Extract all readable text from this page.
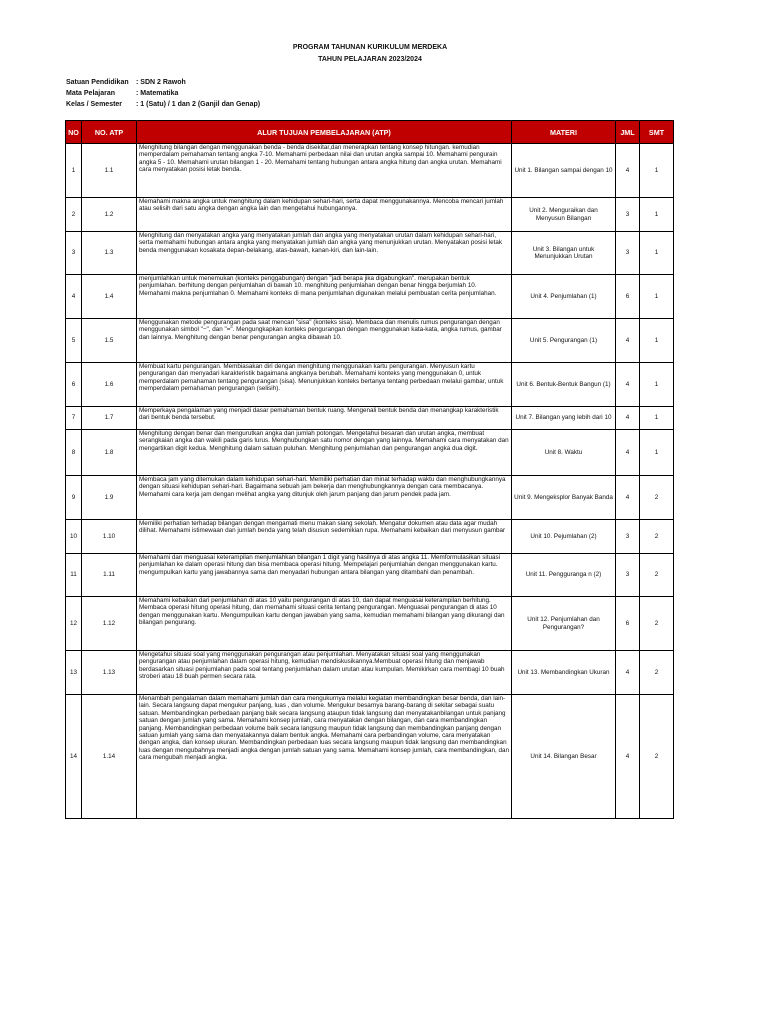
PROGRAM TAHUNAN KURIKULUM MERDEKA
TAHUN PELAJARAN 2023/2024
Satuan Pendidikan	: SDN 2 Rawoh
Mata Pelajaran	: Matematika
Kelas / Semester	: 1 (Satu) / 1 dan 2 (Ganjil dan Genap)
NO	NO. ATP	ALUR TUJUAN PEMBELAJARAN (ATP)	MATERI	JML	SMT
1	1.1	Menghitung bilangan dengan menggunakan benda - benda disekitar,dan menerapkan tentang konsep hitungan. kemudian memperdalam pemahaman tentang angka 7-10. Memahami perbedaan nilai dan urutan angka sampai 10. Memahami pengurain angka 5 - 10. Memahami urutan bilangan 1 - 20. Memahami tentang hubungan antara angka hitung dan angka urutan. Memahami cara menyatakan posisi letak benda.	Unit 1. Bilangan sampai dengan 10	4	1
2	1.2	Memahami makna angka untuk menghitung dalam kehidupan sehari-hari, serta dapat menggunakannya. Mencoba mencari jumlah atau selisih dari satu angka dengan angka lain dan mengetahui hubungannya.	Unit 2. Menguraikan dan Menyusun Bilangan	3	1
3	1.3	Menghitung dan menyatakan angka yang menyatakan jumlah dan angka yang menyatakan urutan dalam kehidupan sehari-hari, serta memahami hubungan antara angka yang menyatakan jumlah dan angka yang menunjukkan urutan. Menyatakan posisi letak benda menggunakan kosakata depan-belakang, atas-bawah, kanan-kiri, dan lain-lain.	Unit 3. Bilangan untuk Menunjukkan Urutan	3	1
4	1.4	menjumlahkan untuk menemukan (konteks penggabungan) dengan "jadi berapa jika digabungkan". merupakan bentuk penjumlahan. berhitung dengan penjumlahan di bawah 10. menghitung penjumlahan dengan benar hingga berjumlah 10. Memahami makna penjumlahan 0. Memahami konteks di mana penjumlahan digunakan melalui pembuatan cerita penjumlahan.	Unit 4. Penjumlahan (1)	6	1
5	1.5	Menggunakan metode pengurangan pada saat mencari "sisa" (konteks sisa). Membaca dan menulis rumus pengurangan dengan menggunakan simbol "−", dan "=". Mengungkapkan konteks pengurangan dengan menggunakan kata-kata, angka rumus, gambar dan lainnya. Menghitung dengan benar pengurangan angka dibawah 10.	Unit 5. Pengurangan (1)	4	1
6	1.6	Membuat kartu pengurangan. Membiasakan diri dengan menghitung menggunakan kartu pengurangan. Menyusun kartu pengurangan dan menyadari karakteristik bagaimana angkanya berubah. Memahami konteks yang menggunakan 0, untuk memperdalam pemahaman tentang pengurangan (sisa). Menunjukkan konteks bertanya tentang perbedaan melalui gambar, untuk memperdalam pemahaman pengurangan (selisih).	Unit 6. Bentuk-Bentuk Bangun (1)	4	1
7	1.7	Memperkaya pengalaman yang menjadi dasar pemahaman bentuk ruang. Mengenali bentuk benda dan menangkap karakteristik dari bentuk benda tersebut.	Unit 7. Bilangan yang lebih dari 10	4	1
8	1.8	Menghitung dengan benar dan mengurutkan angka dan jumlah potongan. Mengetahui besaran dan urutan angka, membuat serangkaian angka dan wakili pada garis lurus. Menghubungkan satu nomor dengan yang lainnya. Memahami cara menyatakan dan mengartikan digit kedua. Menghitung dalam satuan puluhan. Menghitung penjumlahan dan pengurangan angka dua digit.	Unit 8. Waktu	4	1
9	1.9	Membaca jam yang ditemukan dalam kehidupan sehari-hari. Memiliki perhatian dan minat terhadap waktu dan menghubungkannya dengan situasi kehidupan sehari-hari. Bagaimana sebuah jam bekerja dan menghubungkannya dengan cara membacanya. Memahami cara kerja jam dengan melihat angka yang ditunjuk oleh jarum panjang dan jarum pendek pada jam.	Unit 9. Mengeksplor Banyak Banda	4	2
10	1.10	Memiliki perhatian terhadap bilangan dengan mengamati menu makan siang sekolah. Mengatur dokumen atau data agar mudah dilihat. Memahami istimewaan dan jumlah benda yang telah disusun sedemikian rupa. Memahami kebaikan dari menyusun gambar	Unit 10. Pejumlahan (2)	3	2
11	1.11	Memahami dan menguasai keterampilan menjumlahkan bilangan 1 digit yang hasilnya di atas angka 11. Memformulasikan situasi penjumlahan ke dalam operasi hitung dan bisa membaca operasi hitung. Mempelajari penjumlahan dengan menggunakan kartu. mengumpulkan kartu yang jawabannya sama dan menyadari hubungan antara bilangan yang ditambahi dan penambah.	Unit 11. Pengguranga n (2)	3	2
12	1.12	Memahami kebaikan dari penjumlahan di atas 10 yaitu pengurangan di atas 10, dan dapat menguasai keterampilan berhitung. Membaca operasi hitung operasi hitung, dan memahami situasi cerita tentang pengurangan. Menguasai pengurangan di atas 10 dengan menggunakan kartu. Mengumpulkan kartu dengan jawaban yang sama, kemudian memahami bilangan yang dikurangi dan bilangan pengurang.	Unit 12. Penjumlahan dan Pengurangan?	6	2
13	1.13	Mengetahui situasi soal yang menggunakan pengurangan atau penjumlahan. Menyatakan situasi soal yang menggunakan pengurangan atau penjumlahan dalam operasi hitung, kemudian mendiskusikannya.Membuat operasi hitung dan menjawab berdasarkan situasi penjumlahan pada soal tentang penjumlahan dalam urutan atau kumpulan. Memikirkan cara membagi 10 buah stroberi atau 18 buah permen secara rata.	Unit 13. Membandingkan Ukuran	4	2
14	1.14	Menambah pengalaman dalam memahami jumlah dan cara mengukurnya melalui kegiatan membandingkan besar benda, dan lain-lain. Secara langsung dapat mengukur panjang, luas , dan volume. Mengukur besarnya barang-barang di sekitar sebagai suatu satuan. Membandingkan perbedaan panjang baik secara langsung ataupun tidak langsung dan menyatakanbilangan untuk panjang satuan dengan jumlah yang sama. Memahami konsep jumlah, cara menyatakan dengan bilangan, dan cara membandingkan panjang. Membandingkan perbedaan volume baik secara langsung maupun tidak langsung dan membandingkan panjang dengan satuan jumlah yang sama dan menyatakannya dalam bentuk angka. Memahami cara perbandingan volume, cara menyatakan dengan angka, dan konsep ukuran. Membandingkan perbedaan luas secara langsung maupun tidak langsung dan membandingkan luas dengan mengubahnya menjadi angka dengan jumlah satuan yang sama. Memahami konsep jumlah, cara membandingkan, dan cara mengubah menjadi angka.	Unit 14. Bilangan Besar	4	2
